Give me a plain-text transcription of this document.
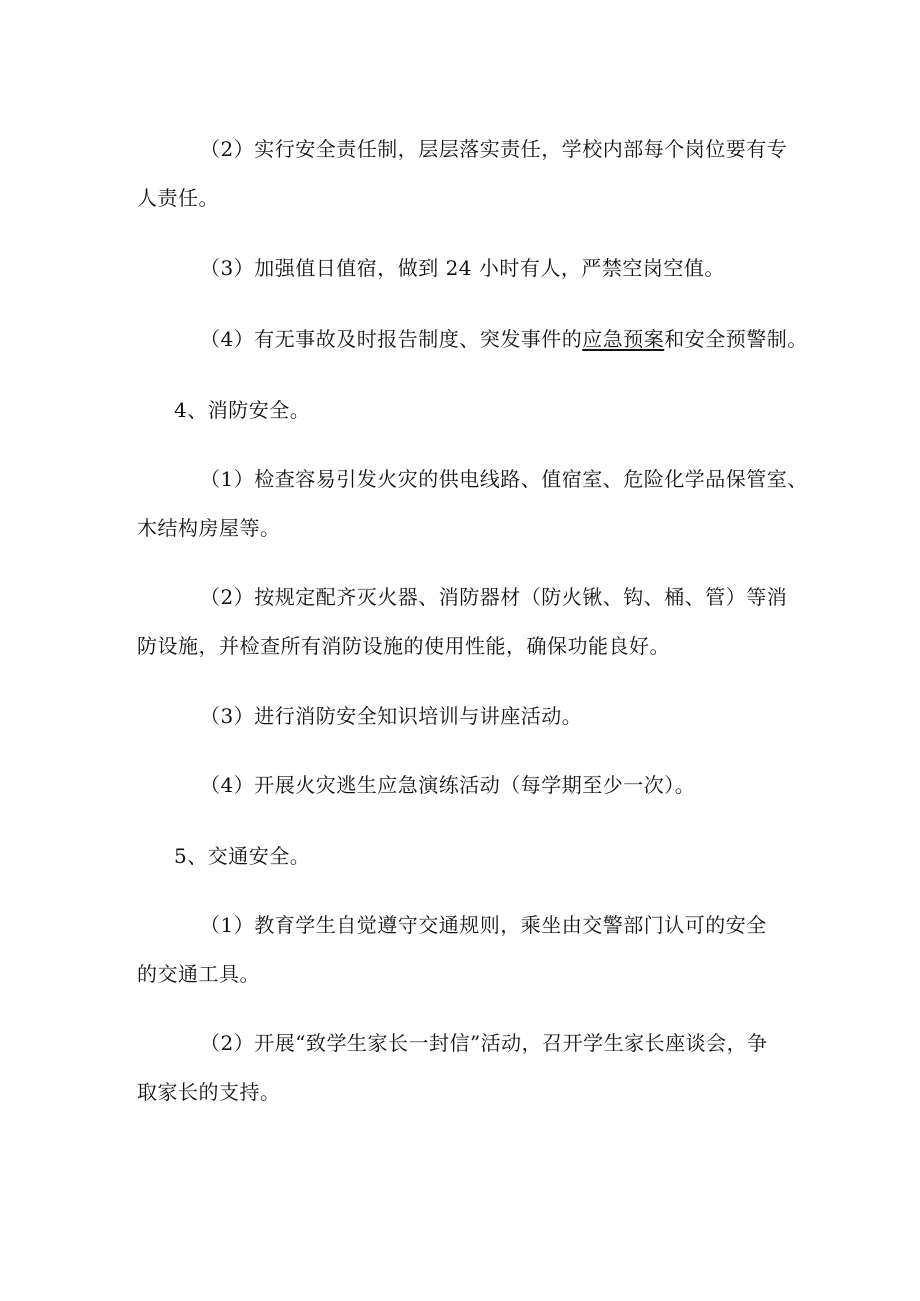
（2）实行安全责任制，层层落实责任，学校内部每个岗位要有专
人责任。
（3）加强值日值宿，做到 24 小时有人，严禁空岗空值。
（4）有无事故及时报告制度、突发事件的应急预案和安全预警制。
4、消防安全。
（1）检查容易引发火灾的供电线路、值宿室、危险化学品保管室、
木结构房屋等。
（2）按规定配齐灭火器、消防器材（防火锹、钩、桶、管）等消
防设施，并检查所有消防设施的使用性能，确保功能良好。
（3）进行消防安全知识培训与讲座活动。
（4）开展火灾逃生应急演练活动（每学期至少一次）。
5、交通安全。
（1）教育学生自觉遵守交通规则，乘坐由交警部门认可的安全
的交通工具。
（2）开展“致学生家长一封信”活动，召开学生家长座谈会，争
取家长的支持。
